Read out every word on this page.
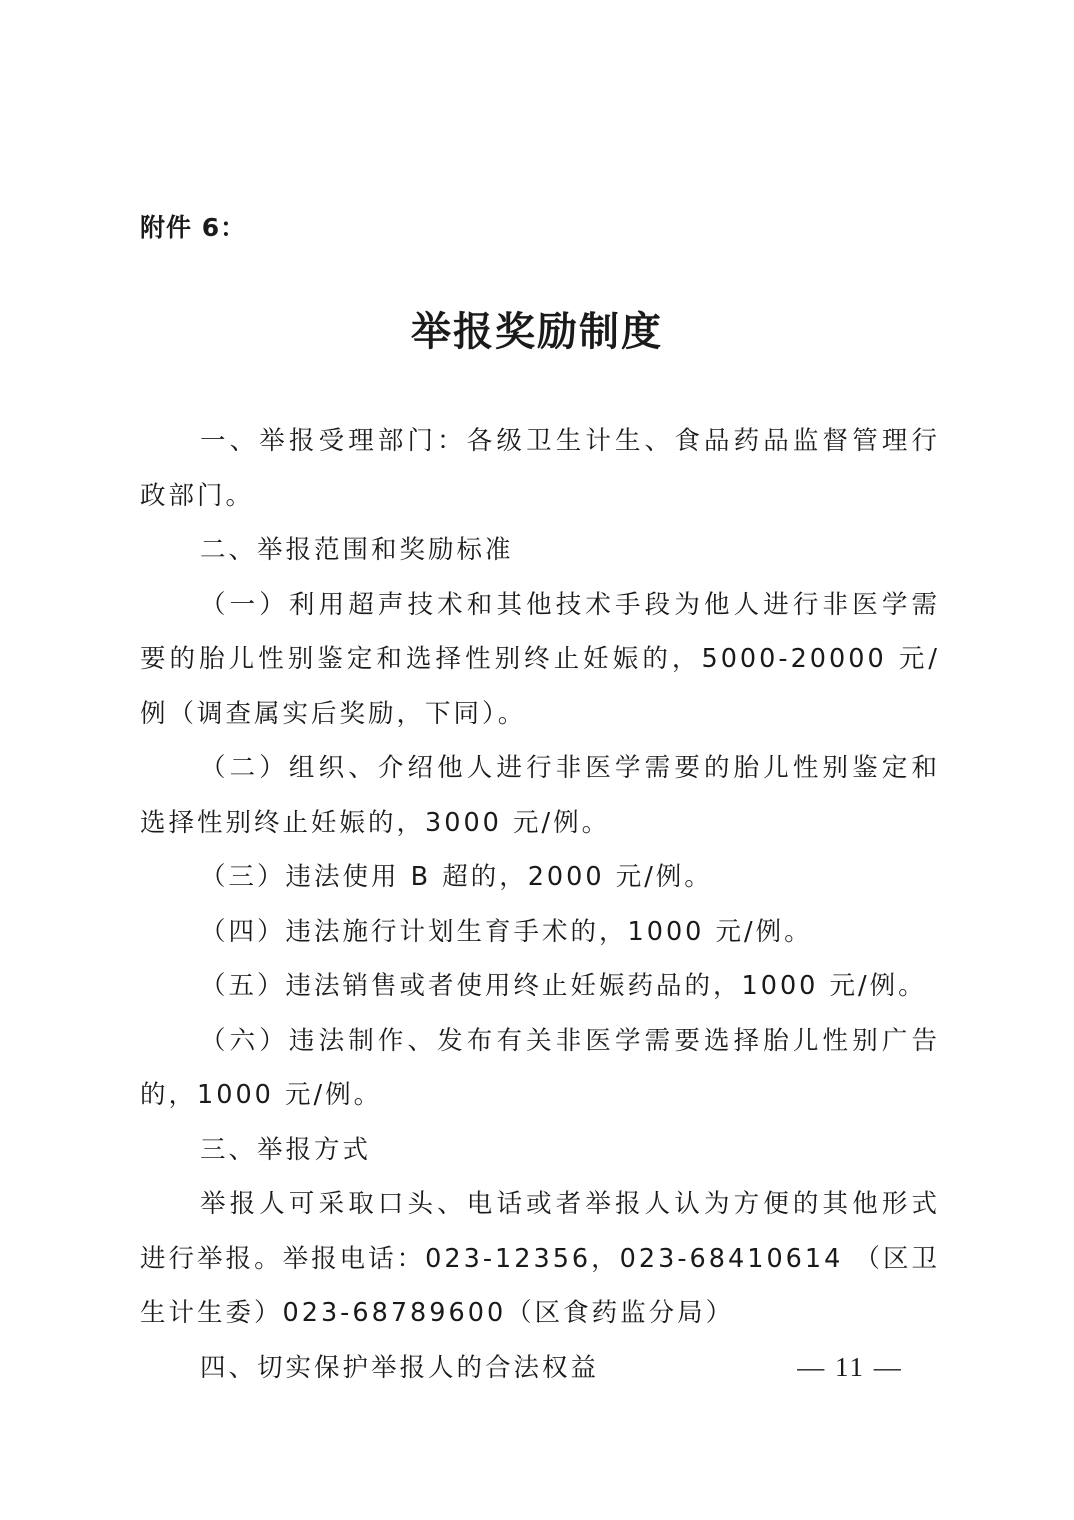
附件 6：
举报奖励制度

一、举报受理部门：各级卫生计生、食品药品监督管理行政部门。

二、举报范围和奖励标准

（一）利用超声技术和其他技术手段为他人进行非医学需要的胎儿性别鉴定和选择性别终止妊娠的，5000-20000 元/例（调查属实后奖励，下同）。

（二）组织、介绍他人进行非医学需要的胎儿性别鉴定和选择性别终止妊娠的，3000 元/例。

（三）违法使用 B 超的，2000 元/例。

（四）违法施行计划生育手术的，1000 元/例。

（五）违法销售或者使用终止妊娠药品的，1000 元/例。

（六）违法制作、发布有关非医学需要选择胎儿性别广告的，1000 元/例。

三、举报方式

举报人可采取口头、电话或者举报人认为方便的其他形式进行举报。举报电话：023-12356，023-68410614 （区卫生计生委）023-68789600（区食药监分局）

四、切实保护举报人的合法权益	— 11 —
